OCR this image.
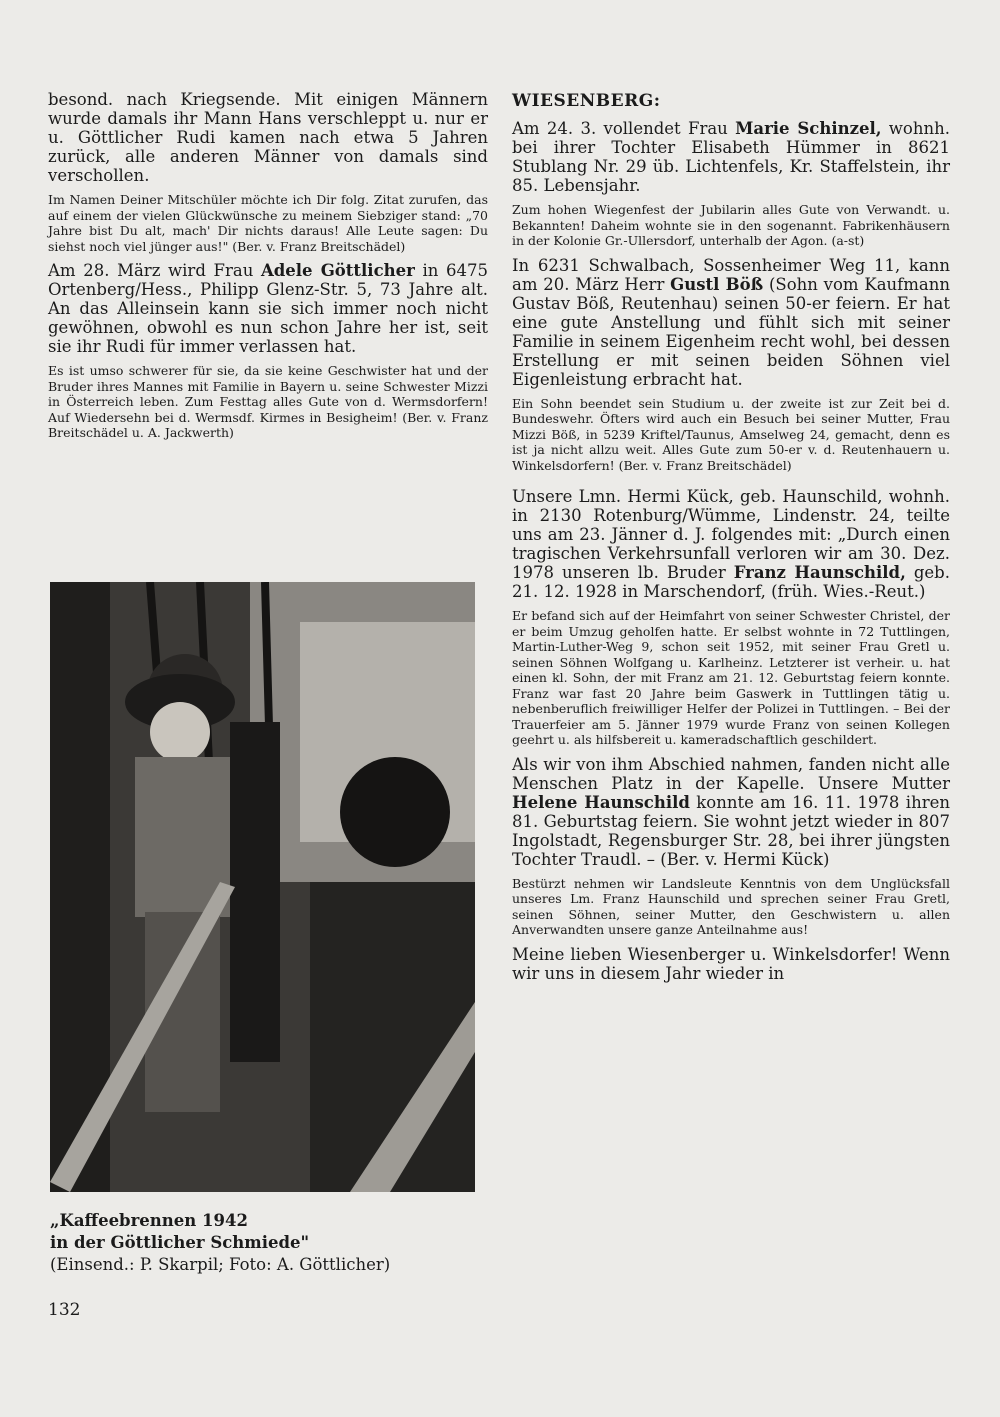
besond. nach Kriegsende. Mit einigen Männern wurde damals ihr Mann Hans verschleppt u. nur er u. Göttlicher Rudi kamen nach etwa 5 Jahren zurück, alle anderen Männer von damals sind verschollen.

Im Namen Deiner Mitschüler möchte ich Dir folg. Zitat zurufen, das auf einem der vielen Glückwünsche zu meinem Siebziger stand: „70 Jahre bist Du alt, mach' Dir nichts daraus! Alle Leute sagen: Du siehst noch viel jünger aus!" (Ber. v. Franz Breitschädel)

Am 28. März wird Frau Adele Göttlicher in 6475 Ortenberg/Hess., Philipp Glenz-Str. 5, 73 Jahre alt. An das Alleinsein kann sie sich immer noch nicht gewöhnen, obwohl es nun schon Jahre her ist, seit sie ihr Rudi für immer verlassen hat.

Es ist umso schwerer für sie, da sie keine Geschwister hat und der Bruder ihres Mannes mit Familie in Bayern u. seine Schwester Mizzi in Österreich leben. Zum Festtag alles Gute von d. Wermsdorfern! Auf Wiedersehn bei d. Wermsdf. Kirmes in Besigheim! (Ber. v. Franz Breitschädel u. A. Jackwerth)

„Kaffeebrennen 1942
in der Göttlicher Schmiede"
(Einsend.: P. Skarpil; Foto: A. Göttlicher)
132
WIESENBERG:

Am 24. 3. vollendet Frau Marie Schinzel, wohnh. bei ihrer Tochter Elisabeth Hümmer in 8621 Stublang Nr. 29 üb. Lichtenfels, Kr. Staffelstein, ihr 85. Lebensjahr.

Zum hohen Wiegenfest der Jubilarin alles Gute von Verwandt. u. Bekannten! Daheim wohnte sie in den sogenannt. Fabrikenhäusern in der Kolonie Gr.-Ullersdorf, unterhalb der Agon. (a-st)

In 6231 Schwalbach, Sossenheimer Weg 11, kann am 20. März Herr Gustl Böß (Sohn vom Kaufmann Gustav Böß, Reutenhau) seinen 50-er feiern. Er hat eine gute Anstellung und fühlt sich mit seiner Familie in seinem Eigenheim recht wohl, bei dessen Erstellung er mit seinen beiden Söhnen viel Eigenleistung erbracht hat.

Ein Sohn beendet sein Studium u. der zweite ist zur Zeit bei d. Bundeswehr. Öfters wird auch ein Besuch bei seiner Mutter, Frau Mizzi Böß, in 5239 Kriftel/Taunus, Amselweg 24, gemacht, denn es ist ja nicht allzu weit. Alles Gute zum 50-er v. d. Reutenhauern u. Winkelsdorfern! (Ber. v. Franz Breitschädel)

Unsere Lmn. Hermi Kück, geb. Haunschild, wohnh. in 2130 Rotenburg/Wümme, Lindenstr. 24, teilte uns am 23. Jänner d. J. folgendes mit: „Durch einen tragischen Verkehrsunfall verloren wir am 30. Dez. 1978 unseren lb. Bruder Franz Haunschild, geb. 21. 12. 1928 in Marschendorf, (früh. Wies.-Reut.)

Er befand sich auf der Heimfahrt von seiner Schwester Christel, der er beim Umzug geholfen hatte. Er selbst wohnte in 72 Tuttlingen, Martin-Luther-Weg 9, schon seit 1952, mit seiner Frau Gretl u. seinen Söhnen Wolfgang u. Karlheinz. Letzterer ist verheir. u. hat einen kl. Sohn, der mit Franz am 21. 12. Geburtstag feiern konnte. Franz war fast 20 Jahre beim Gaswerk in Tuttlingen tätig u. nebenberuflich freiwilliger Helfer der Polizei in Tuttlingen. – Bei der Trauerfeier am 5. Jänner 1979 wurde Franz von seinen Kollegen geehrt u. als hilfsbereit u. kameradschaftlich geschildert.

Als wir von ihm Abschied nahmen, fanden nicht alle Menschen Platz in der Kapelle. Unsere Mutter Helene Haunschild konnte am 16. 11. 1978 ihren 81. Geburtstag feiern. Sie wohnt jetzt wieder in 807 Ingolstadt, Regensburger Str. 28, bei ihrer jüngsten Tochter Traudl. – (Ber. v. Hermi Kück)

Bestürzt nehmen wir Landsleute Kenntnis von dem Unglücksfall unseres Lm. Franz Haunschild und sprechen seiner Frau Gretl, seinen Söhnen, seiner Mutter, den Geschwistern u. allen Anverwandten unsere ganze Anteilnahme aus!

Meine lieben Wiesenberger u. Winkelsdorfer! Wenn wir uns in diesem Jahr wieder in
